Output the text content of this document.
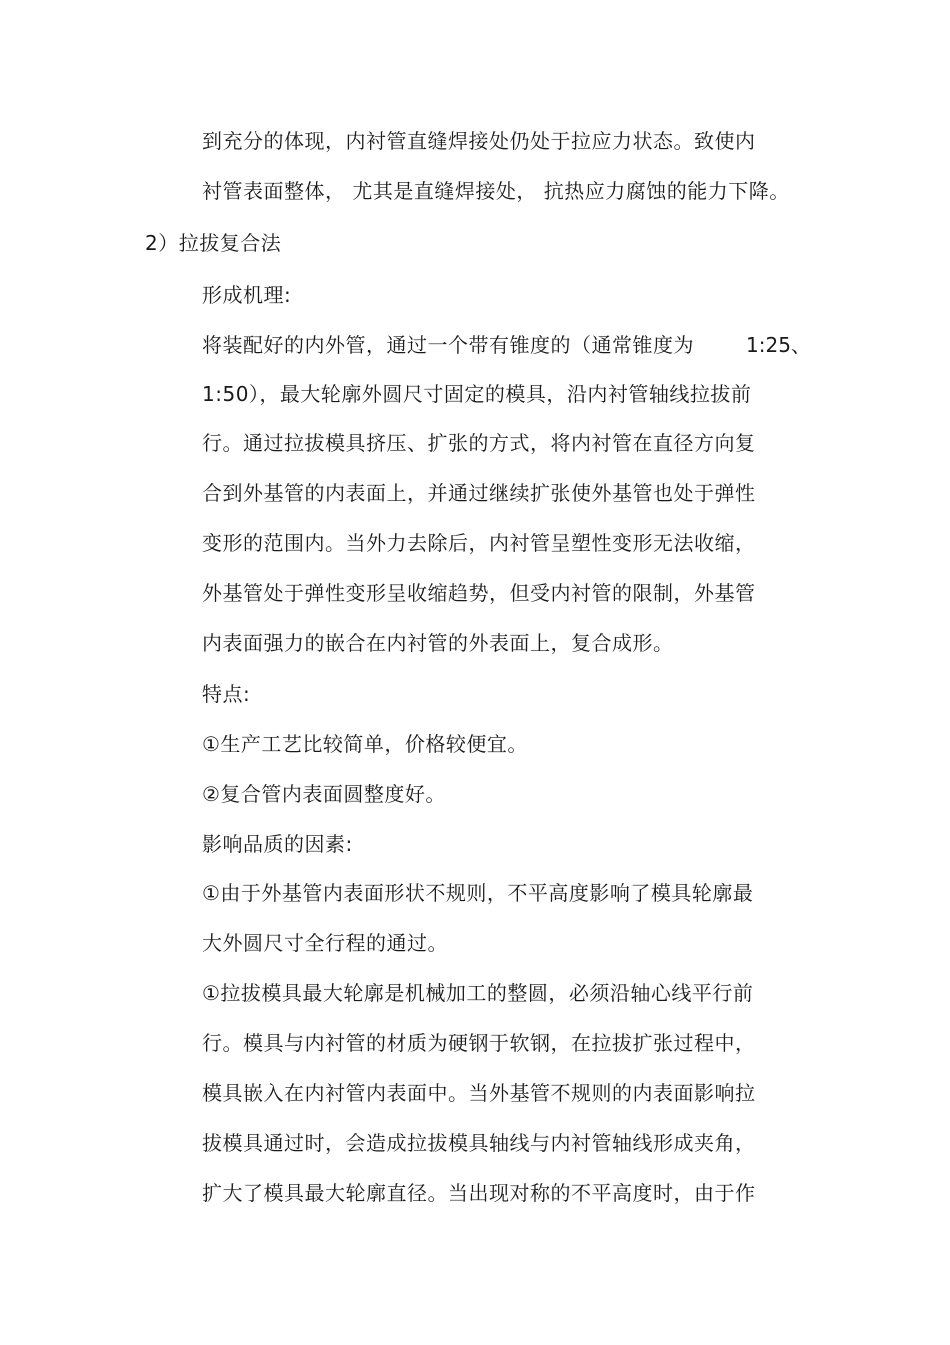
到充分的体现，内衬管直缝焊接处仍处于拉应力状态。致使内
衬管表面整体， 尤其是直缝焊接处， 抗热应力腐蚀的能力下降。
2）拉拔复合法
形成机理:
将装配好的内外管，通过一个带有锥度的（通常锥度为	1:25、
1:50），最大轮廓外圆尺寸固定的模具，沿内衬管轴线拉拔前
行。通过拉拔模具挤压、扩张的方式，将内衬管在直径方向复
合到外基管的内表面上，并通过继续扩张使外基管也处于弹性
变形的范围内。当外力去除后，内衬管呈塑性变形无法收缩，
外基管处于弹性变形呈收缩趋势，但受内衬管的限制，外基管
内表面强力的嵌合在内衬管的外表面上，复合成形。
特点:
①生产工艺比较简单，价格较便宜。
②复合管内表面圆整度好。
影响品质的因素:
①由于外基管内表面形状不规则，不平高度影响了模具轮廓最
大外圆尺寸全行程的通过。
①拉拔模具最大轮廓是机械加工的整圆，必须沿轴心线平行前
行。模具与内衬管的材质为硬钢于软钢，在拉拔扩张过程中，
模具嵌入在内衬管内表面中。当外基管不规则的内表面影响拉
拔模具通过时，会造成拉拔模具轴线与内衬管轴线形成夹角，
扩大了模具最大轮廓直径。当出现对称的不平高度时，由于作
